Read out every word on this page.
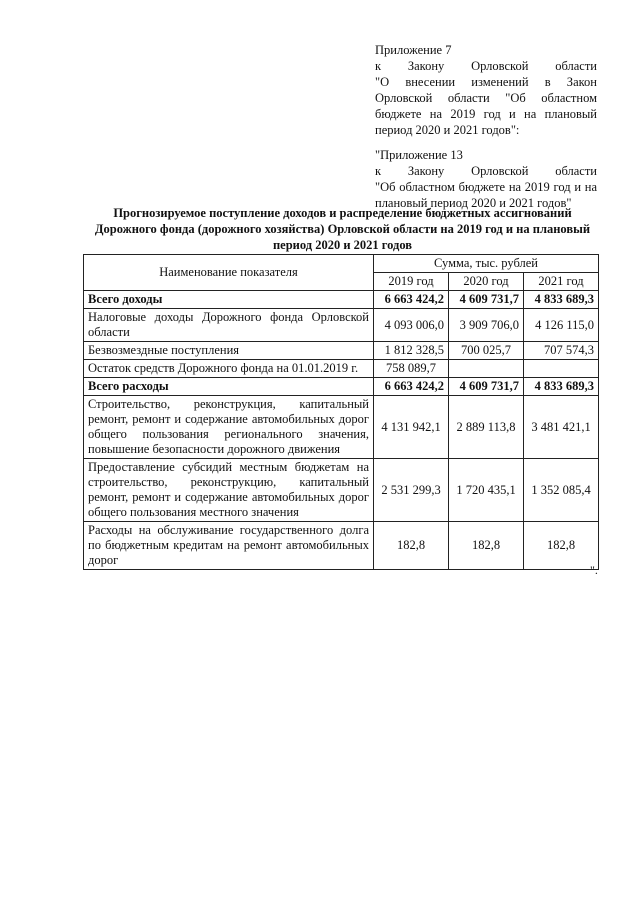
Приложение 7

к Закону Орловской области

"О внесении изменений в Закон Орловской области "Об областном бюджете на 2019 год и на плановый период 2020 и 2021 годов":

"Приложение 13

к Закону Орловской области

"Об областном бюджете на 2019 год и на плановый период 2020 и 2021 годов"

Прогнозируемое поступление доходов и распределение бюджетных ассигнований Дорожного фонда (дорожного хозяйства) Орловской области на 2019 год и на плановый период 2020 и 2021 годов
Наименование показателя	Сумма, тыс. рублей		
	2019 год	2020 год	2021 год
Всего доходы	6 663 424,2	4 609 731,7	4 833 689,3
Налоговые доходы Дорожного фонда Орловской области	4 093 006,0	3 909 706,0	4 126 115,0
Безвозмездные поступления	1 812 328,5	700 025,7	707 574,3
Остаток средств Дорожного фонда на 01.01.2019 г.	758 089,7		
Всего расходы	6 663 424,2	4 609 731,7	4 833 689,3
Строительство, реконструкция, капитальный ремонт, ремонт и содержание автомобильных дорог общего пользования регионального значения, повышение безопасности дорожного движения	4 131 942,1	2 889 113,8	3 481 421,1
Предоставление субсидий местным бюджетам на строительство, реконструкцию, капитальный ремонт, ремонт и содержание автомобильных дорог общего пользования местного значения	2 531 299,3	1 720 435,1	1 352 085,4
Расходы на обслуживание государственного долга по бюджетным кредитам на ремонт автомобильных дорог	182,8	182,8	182,8
".
